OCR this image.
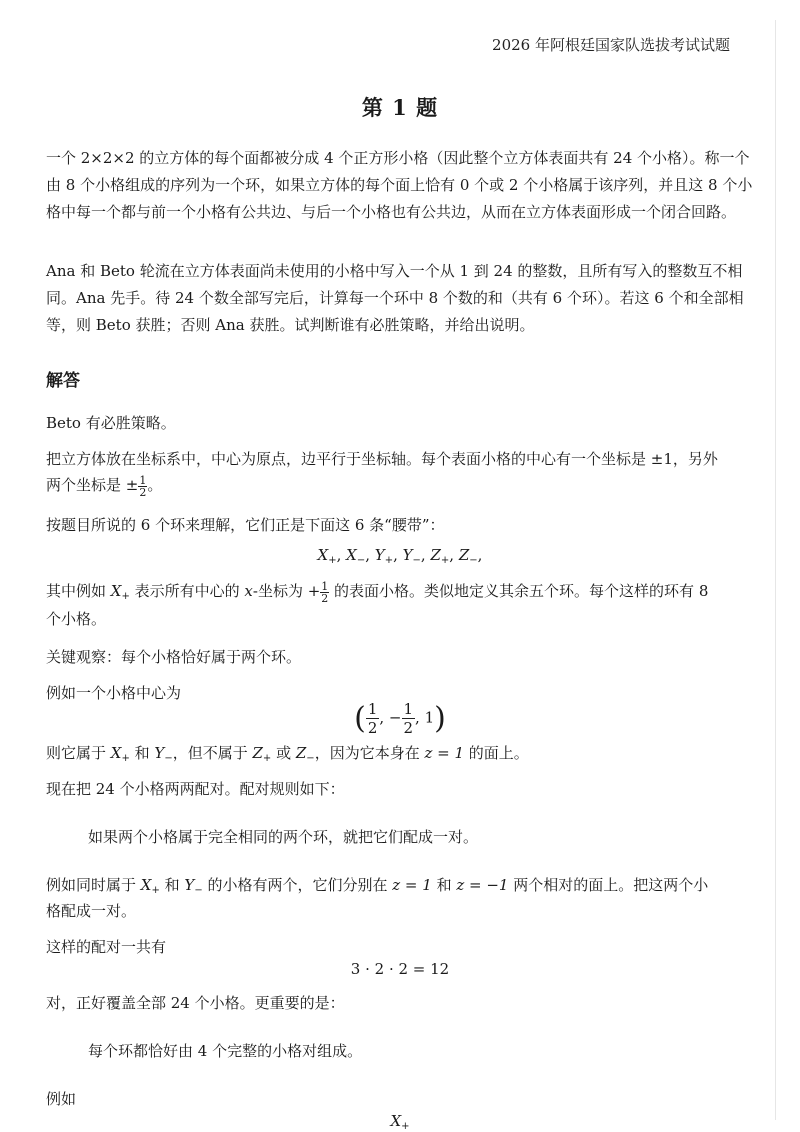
2026 年阿根廷国家队选拔考试试题
第 1 题
一个 2×2×2 的立方体的每个面都被分成 4 个正方形小格（因此整个立方体表面共有 24 个小格）。称一个由 8 个小格组成的序列为一个环，如果立方体的每个面上恰有 0 个或 2 个小格属于该序列，并且这 8 个小格中每一个都与前一个小格有公共边、与后一个小格也有公共边，从而在立方体表面形成一个闭合回路。
Ana 和 Beto 轮流在立方体表面尚未使用的小格中写入一个从 1 到 24 的整数，且所有写入的整数互不相同。Ana 先手。待 24 个数全部写完后，计算每一个环中 8 个数的和（共有 6 个环）。若这 6 个和全部相等，则 Beto 获胜；否则 Ana 获胜。试判断谁有必胜策略，并给出说明。
解答
Beto 有必胜策略。
把立方体放在坐标系中，中心为原点，边平行于坐标轴。每个表面小格的中心有一个坐标是 ±1，另外
两个坐标是 ± $\frac{1}{2}$ 。
按题目所说的 6 个环来理解，它们正是下面这 6 条“腰带”：
$X_+$, $X_-$, $Y_+$, $Y_-$, $Z_+$, $Z_-$,
其中例如 $X_+$ 表示所有中心的 x-坐标为 + $\frac{1}{2}$ 的表面小格。类似地定义其余五个环。每个这样的环有 8
个小格。
关键观察：每个小格恰好属于两个环。
例如一个小格中心为
( $\frac{1}{2}$ , − $\frac{1}{2}$ , 1)
则它属于 $X_+$ 和 $Y_-$，但不属于 $Z_+$ 或 $Z_-$，因为它本身在 z = 1 的面上。
现在把 24 个小格两两配对。配对规则如下：
如果两个小格属于完全相同的两个环，就把它们配成一对。
例如同时属于 $X_+$ 和 $Y_-$ 的小格有两个，它们分别在 z = 1 和 z = −1 两个相对的面上。把这两个小
格配成一对。
这样的配对一共有
3 · 2 · 2 = 12
对，正好覆盖全部 24 个小格。更重要的是：
每个环都恰好由 4 个完整的小格对组成。
例如
$X_+$
